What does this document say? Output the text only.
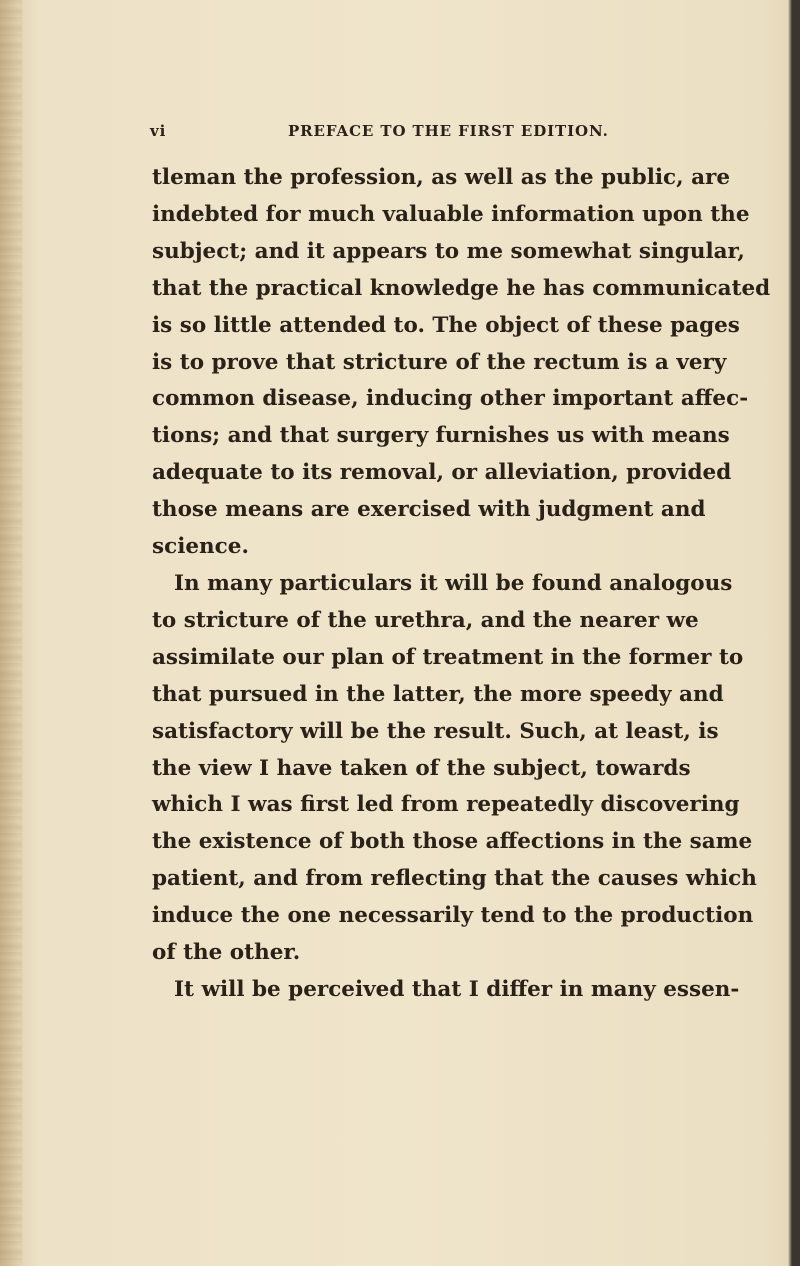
vi	PREFACE TO THE FIRST EDITION.

tleman the profession, as well as the public, are

indebted for much valuable information upon the

subject; and it appears to me somewhat singular,

that the practical knowledge he has communicated

is so little attended to. The object of these pages

is to prove that stricture of the rectum is a very

common disease, inducing other important affec-

tions; and that surgery furnishes us with means

adequate to its removal, or alleviation, provided

those means are exercised with judgment and

science.

In many particulars it will be found analogous

to stricture of the urethra, and the nearer we

assimilate our plan of treatment in the former to

that pursued in the latter, the more speedy and

satisfactory will be the result. Such, at least, is

the view I have taken of the subject, towards

which I was first led from repeatedly discovering

the existence of both those affections in the same

patient, and from reflecting that the causes which

induce the one necessarily tend to the production

of the other.

It will be perceived that I differ in many essen-
